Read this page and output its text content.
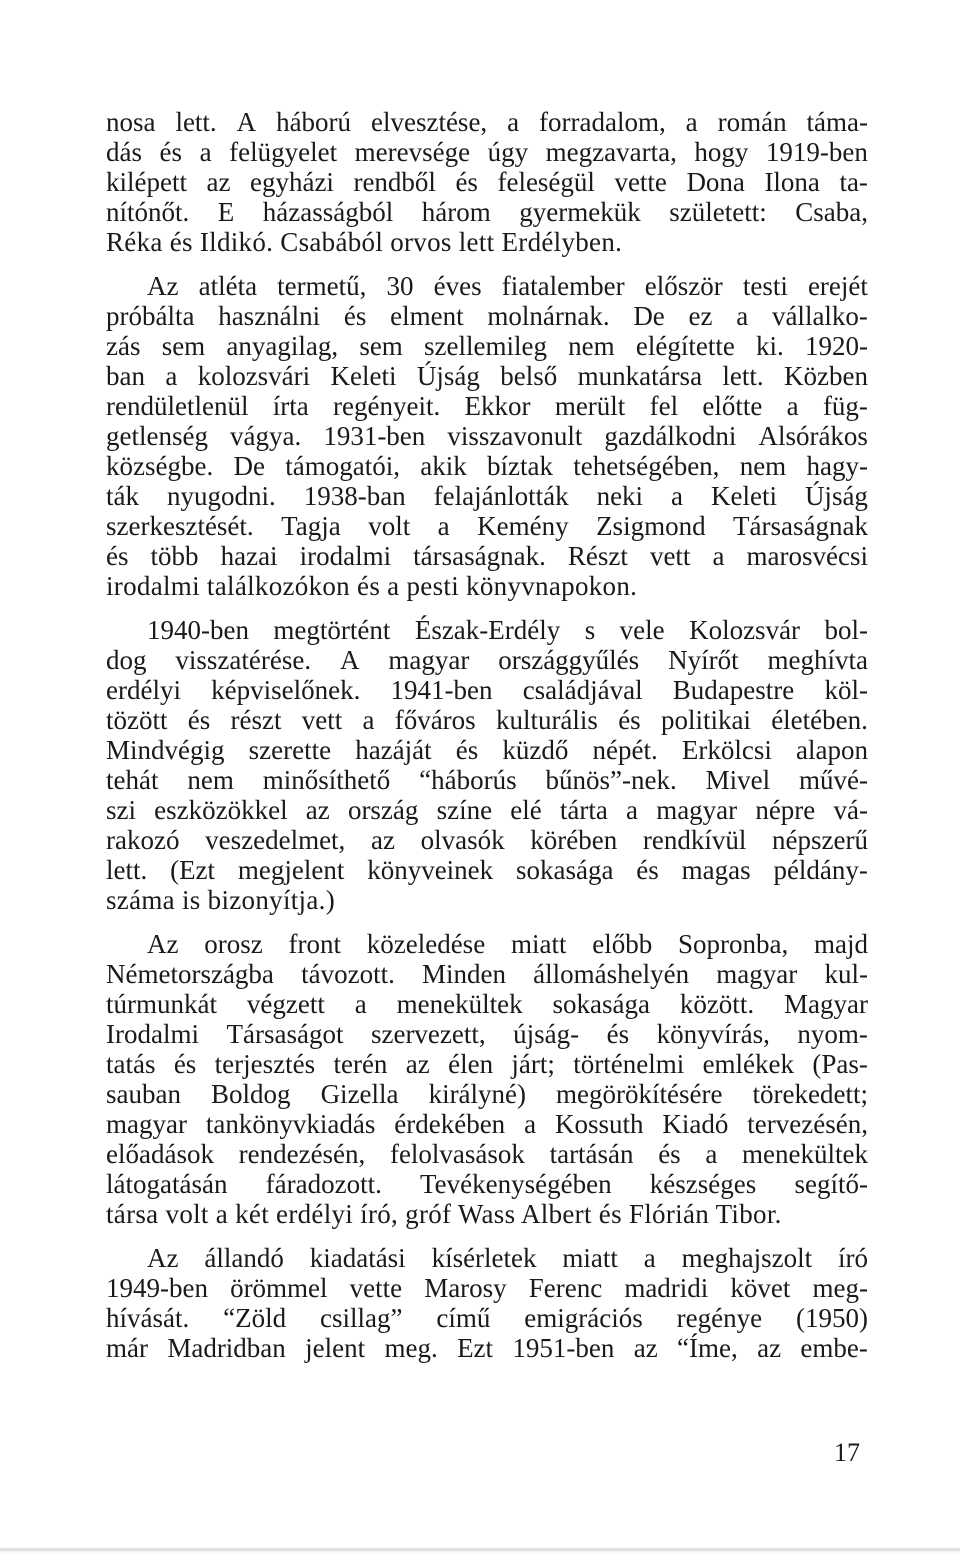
nosa lett. A háború elvesztése, a forradalom, a román táma-
dás és a felügyelet merevsége úgy megzavarta, hogy 1919-ben
kilépett az egyházi rendből és feleségül vette Dona Ilona ta-
nítónőt. E házasságból három gyermekük született: Csaba,
Réka és Ildikó. Csabából orvos lett Erdélyben.
Az atléta termetű, 30 éves fiatalember először testi erejét
próbálta használni és elment molnárnak. De ez a vállalko-
zás sem anyagilag, sem szellemileg nem elégítette ki. 1920-
ban a kolozsvári Keleti Újság belső munkatársa lett. Közben
rendületlenül írta regényeit. Ekkor merült fel előtte a füg-
getlenség vágya. 1931-ben visszavonult gazdálkodni Alsórákos
községbe. De támogatói, akik bíztak tehetségében, nem hagy-
ták nyugodni. 1938-ban felajánlották neki a Keleti Újság
szerkesztését. Tagja volt a Kemény Zsigmond Társaságnak
és több hazai irodalmi társaságnak. Részt vett a marosvécsi
irodalmi találkozókon és a pesti könyvnapokon.
1940-ben megtörtént Észak-Erdély s vele Kolozsvár bol-
dog visszatérése. A magyar országgyűlés Nyírőt meghívta
erdélyi képviselőnek. 1941-ben családjával Budapestre köl-
tözött és részt vett a főváros kulturális és politikai életében.
Mindvégig szerette hazáját és küzdő népét. Erkölcsi alapon
tehát nem minősíthető “háborús bűnös”-nek. Mivel művé-
szi eszközökkel az ország színe elé tárta a magyar népre vá-
rakozó veszedelmet, az olvasók körében rendkívül népszerű
lett. (Ezt megjelent könyveinek sokasága és magas példány-
száma is bizonyítja.)
Az orosz front közeledése miatt előbb Sopronba, majd
Németországba távozott. Minden állomáshelyén magyar kul-
túrmunkát végzett a menekültek sokasága között. Magyar
Irodalmi Társaságot szervezett, újság- és könyvírás, nyom-
tatás és terjesztés terén az élen járt; történelmi emlékek (Pas-
sauban Boldog Gizella királyné) megörökítésére törekedett;
magyar tankönyvkiadás érdekében a Kossuth Kiadó tervezésén,
előadások rendezésén, felolvasások tartásán és a menekültek
látogatásán fáradozott. Tevékenységében készséges segítő-
társa volt a két erdélyi író, gróf Wass Albert és Flórián Tibor.
Az állandó kiadatási kísérletek miatt a meghajszolt író
1949-ben örömmel vette Marosy Ferenc madridi követ meg-
hívását. “Zöld csillag” című emigrációs regénye (1950)
már Madridban jelent meg. Ezt 1951-ben az “Íme, az embe-
17
